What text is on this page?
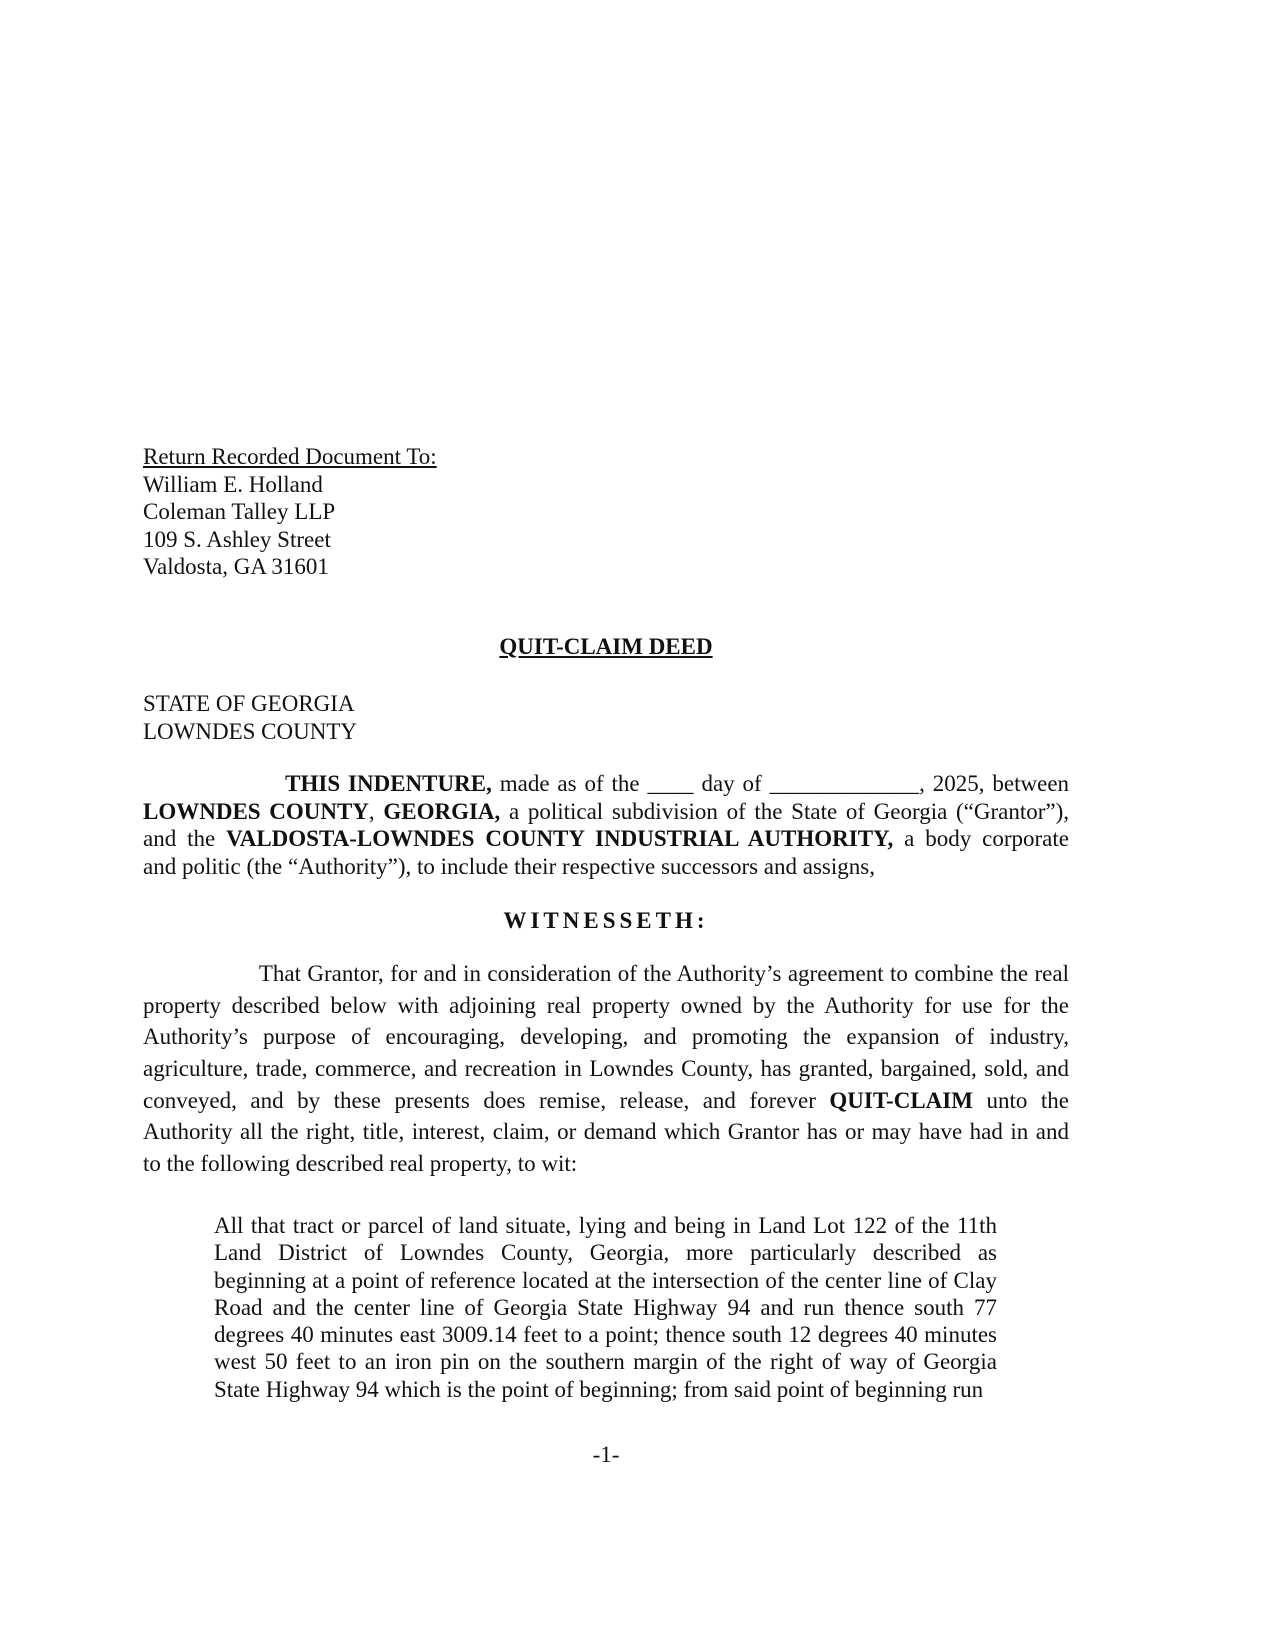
Return Recorded Document To:
William E. Holland
Coleman Talley LLP
109 S. Ashley Street
Valdosta, GA 31601
QUIT-CLAIM DEED
STATE OF GEORGIA
LOWNDES COUNTY
THIS INDENTURE, made as of the ____ day of _____________, 2025, between
LOWNDES COUNTY, GEORGIA, a political subdivision of the State of Georgia (“Grantor”),
and the VALDOSTA-LOWNDES COUNTY INDUSTRIAL AUTHORITY, a body corporate
and politic (the “Authority”), to include their respective successors and assigns,
WITNESSETH:
That Grantor, for and in consideration of the Authority’s agreement to combine the real
property described below with adjoining real property owned by the Authority for use for the
Authority’s purpose of encouraging, developing, and promoting the expansion of industry,
agriculture, trade, commerce, and recreation in Lowndes County, has granted, bargained, sold, and
conveyed, and by these presents does remise, release, and forever QUIT-CLAIM unto the
Authority all the right, title, interest, claim, or demand which Grantor has or may have had in and
to the following described real property, to wit:
All that tract or parcel of land situate, lying and being in Land Lot 122 of the 11th
Land District of Lowndes County, Georgia, more particularly described as
beginning at a point of reference located at the intersection of the center line of Clay
Road and the center line of Georgia State Highway 94 and run thence south 77
degrees 40 minutes east 3009.14 feet to a point; thence south 12 degrees 40 minutes
west 50 feet to an iron pin on the southern margin of the right of way of Georgia
State Highway 94 which is the point of beginning; from said point of beginning run
-1-
